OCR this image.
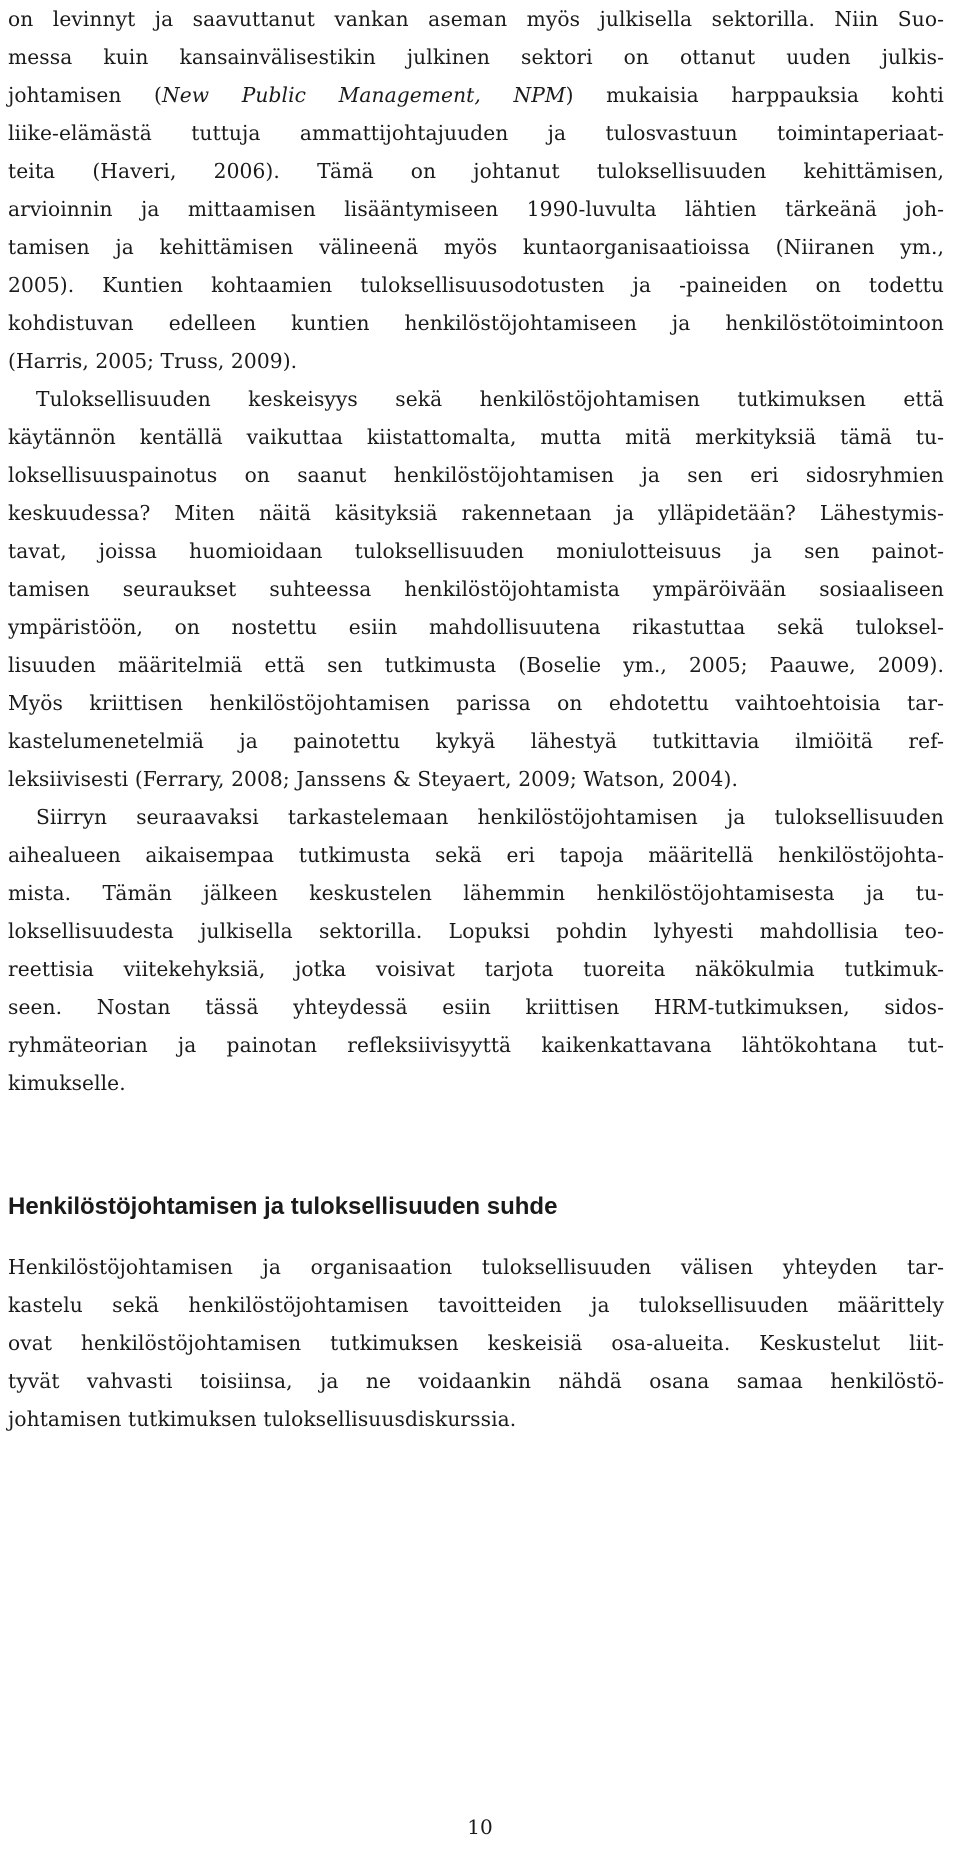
on levinnyt ja saavuttanut vankan aseman myös julkisella sektorilla. Niin Suo-
messa kuin kansainvälisestikin julkinen sektori on ottanut uuden julkis-
johtamisen (New Public Management, NPM) mukaisia harppauksia kohti
liike-elämästä tuttuja ammattijohtajuuden ja tulosvastuun toimintaperiaat-
teita (Haveri, 2006). Tämä on johtanut tuloksellisuuden kehittämisen,
arvioinnin ja mittaamisen lisääntymiseen 1990-luvulta lähtien tärkeänä joh-
tamisen ja kehittämisen välineenä myös kuntaorganisaatioissa (Niiranen ym.,
2005). Kuntien kohtaamien tuloksellisuusodotusten ja -paineiden on todettu
kohdistuvan edelleen kuntien henkilöstöjohtamiseen ja henkilöstötoimintoon
(Harris, 2005; Truss, 2009).
Tuloksellisuuden keskeisyys sekä henkilöstöjohtamisen tutkimuksen että
käytännön kentällä vaikuttaa kiistattomalta, mutta mitä merkityksiä tämä tu-
loksellisuuspainotus on saanut henkilöstöjohtamisen ja sen eri sidosryhmien
keskuudessa? Miten näitä käsityksiä rakennetaan ja ylläpidetään? Lähestymis-
tavat, joissa huomioidaan tuloksellisuuden moniulotteisuus ja sen painot-
tamisen seuraukset suhteessa henkilöstöjohtamista ympäröivään sosiaaliseen
ympäristöön, on nostettu esiin mahdollisuutena rikastuttaa sekä tuloksel-
lisuuden määritelmiä että sen tutkimusta (Boselie ym., 2005; Paauwe, 2009).
Myös kriittisen henkilöstöjohtamisen parissa on ehdotettu vaihtoehtoisia tar-
kastelumenetelmiä ja painotettu kykyä lähestyä tutkittavia ilmiöitä ref-
leksiivisesti (Ferrary, 2008; Janssens & Steyaert, 2009; Watson, 2004).
Siirryn seuraavaksi tarkastelemaan henkilöstöjohtamisen ja tuloksellisuuden
aihealueen aikaisempaa tutkimusta sekä eri tapoja määritellä henkilöstöjohta-
mista. Tämän jälkeen keskustelen lähemmin henkilöstöjohtamisesta ja tu-
loksellisuudesta julkisella sektorilla. Lopuksi pohdin lyhyesti mahdollisia teo-
reettisia viitekehyksiä, jotka voisivat tarjota tuoreita näkökulmia tutkimuk-
seen. Nostan tässä yhteydessä esiin kriittisen HRM-tutkimuksen, sidos-
ryhmäteorian ja painotan refleksiivisyyttä kaikenkattavana lähtökohtana tut-
kimukselle.
Henkilöstöjohtamisen ja tuloksellisuuden suhde
Henkilöstöjohtamisen ja organisaation tuloksellisuuden välisen yhteyden tar-
kastelu sekä henkilöstöjohtamisen tavoitteiden ja tuloksellisuuden määrittely
ovat henkilöstöjohtamisen tutkimuksen keskeisiä osa-alueita. Keskustelut liit-
tyvät vahvasti toisiinsa, ja ne voidaankin nähdä osana samaa henkilöstö-
johtamisen tutkimuksen tuloksellisuusdiskurssia.
10
